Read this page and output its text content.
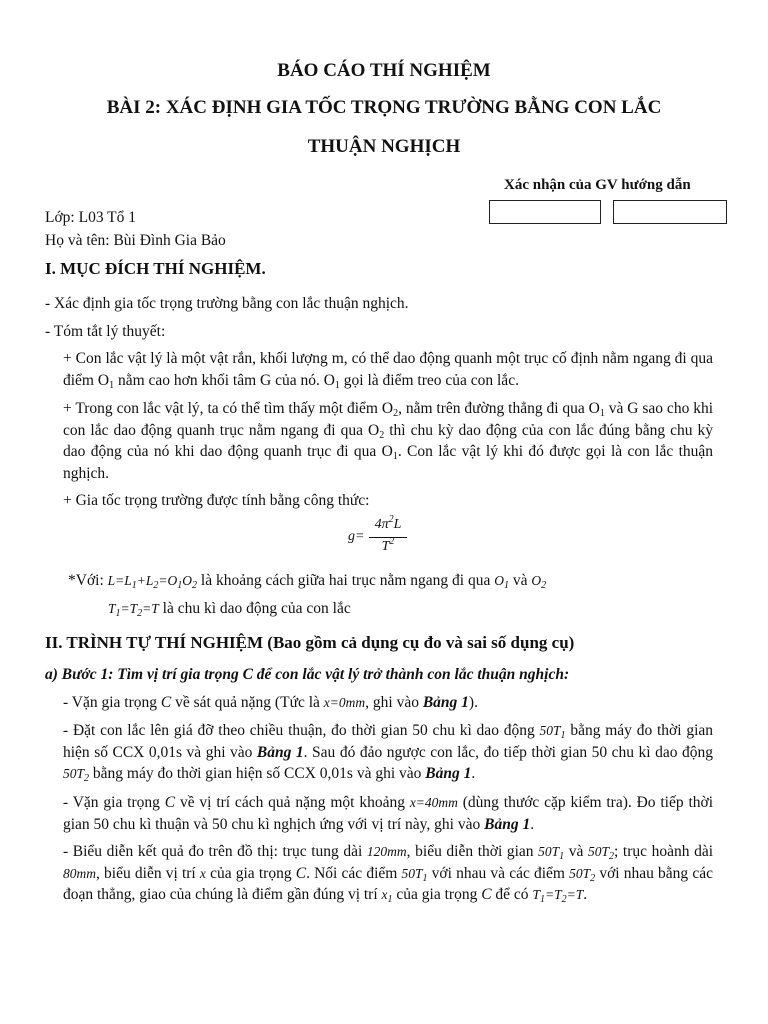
BÁO CÁO THÍ NGHIỆM
BÀI 2: XÁC ĐỊNH GIA TỐC TRỌNG TRƯỜNG BẰNG CON LẮC
THUẬN NGHỊCH
Xác nhận của GV hướng dẫn
Lớp: L03 Tổ 1
Họ và tên: Bùi Đình Gia Bảo
I. MỤC ĐÍCH THÍ NGHIỆM.
- Xác định gia tốc trọng trường bằng con lắc thuận nghịch.
- Tóm tắt lý thuyết:
+ Con lắc vật lý là một vật rắn, khối lượng m, có thể dao động quanh một trục cố định nằm ngang đi qua điểm $O_1$ nằm cao hơn khối tâm G của nó. $O_1$ gọi là điểm treo của con lắc.
+ Trong con lắc vật lý, ta có thể tìm thấy một điểm $O_2$, nằm trên đường thẳng đi qua $O_1$ và G sao cho khi con lắc dao động quanh trục nằm ngang đi qua $O_2$ thì chu kỳ dao động của con lắc đúng bằng chu kỳ dao động của nó khi dao động quanh trục đi qua $O_1$. Con lắc vật lý khi đó được gọi là con lắc thuận nghịch.
+ Gia tốc trọng trường được tính bằng công thức:
g=
$4\pi^2L$
$T^2$
*Với: $L=L_1+L_2=O_1O_2$ là khoảng cách giữa hai trục nằm ngang đi qua $O_1$ và $O_2$
$T_1=T_2=T$ là chu kì dao động của con lắc
II. TRÌNH TỰ THÍ NGHIỆM (Bao gồm cả dụng cụ đo và sai số dụng cụ)
a) Bước 1: Tìm vị trí gia trọng C để con lắc vật lý trở thành con lắc thuận nghịch:
- Vặn gia trọng C về sát quả nặng (Tức là x=0mm, ghi vào Bảng 1).
- Đặt con lắc lên giá đỡ theo chiều thuận, đo thời gian 50 chu kì dao động $50T_1$ bằng máy đo thời gian hiện số CCX 0,01s và ghi vào Bảng 1. Sau đó đảo ngược con lắc, đo tiếp thời gian 50 chu kì dao động $50T_2$ bằng máy đo thời gian hiện số CCX 0,01s và ghi vào Bảng 1.
- Vặn gia trọng C về vị trí cách quả nặng một khoảng x=40mm (dùng thước cặp kiểm tra). Đo tiếp thời gian 50 chu kì thuận và 50 chu kì nghịch ứng với vị trí này, ghi vào Bảng 1.
- Biểu diễn kết quả đo trên đồ thị: trục tung dài 120mm, biểu diễn thời gian $50T_1$ và $50T_2$; trục hoành dài 80mm, biểu diễn vị trí x của gia trọng C. Nối các điểm $50T_1$ với nhau và các điểm $50T_2$ với nhau bằng các đoạn thẳng, giao của chúng là điểm gần đúng vị trí $x_1$ của gia trọng C để có $T_1=T_2=T$.
